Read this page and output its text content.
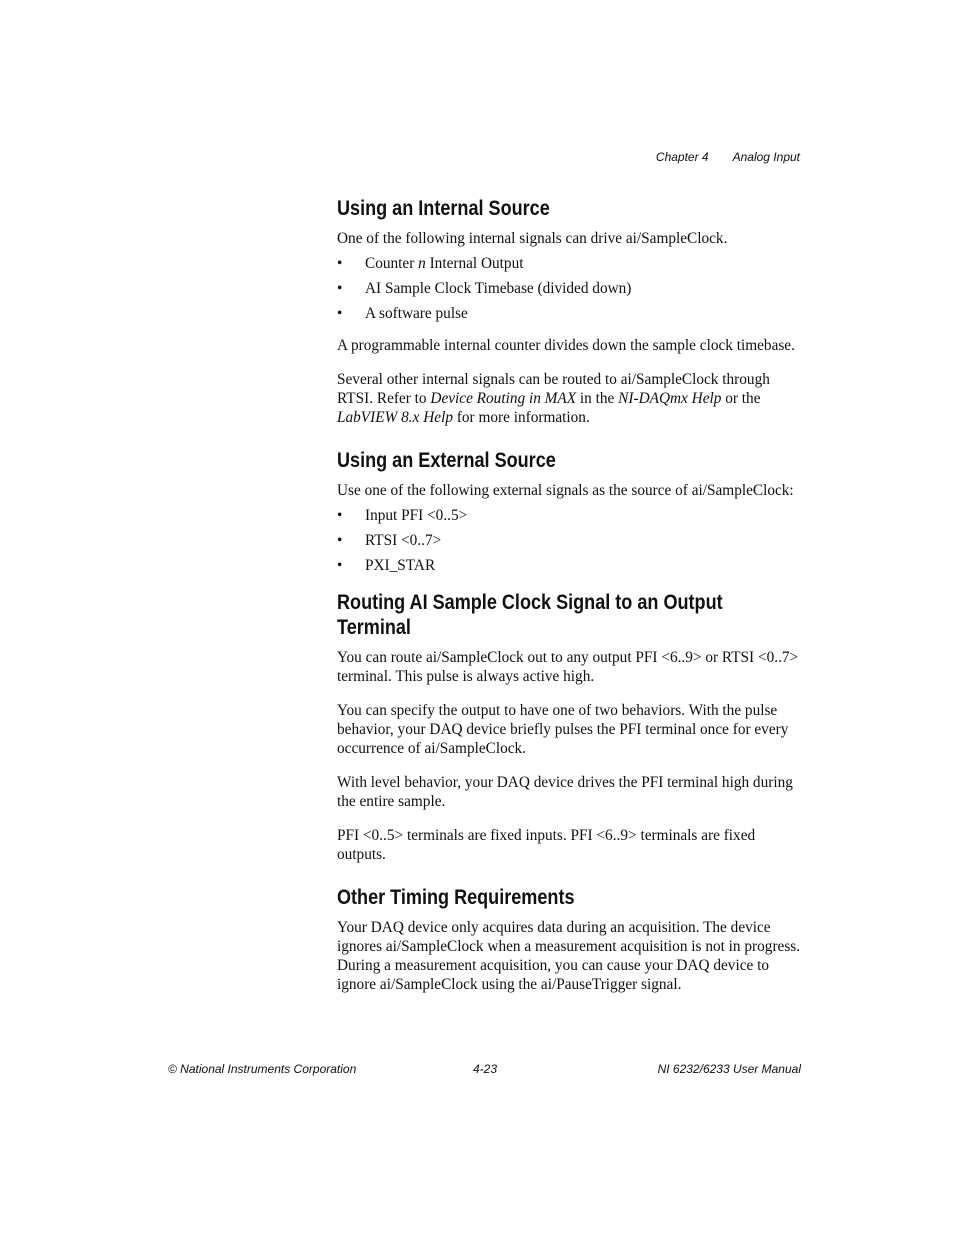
Chapter 4 Analog Input
Using an Internal Source

One of the following internal signals can drive ai/SampleClock.

• Counter n Internal Output
• AI Sample Clock Timebase (divided down)
• A software pulse

A programmable internal counter divides down the sample clock timebase.

Several other internal signals can be routed to ai/SampleClock through RTSI. Refer to Device Routing in MAX in the NI-DAQmx Help or the LabVIEW 8.x Help for more information.

Using an External Source

Use one of the following external signals as the source of ai/SampleClock:

• Input PFI <0..5>
• RTSI <0..7>
• PXI_STAR
Routing AI Sample Clock Signal to an Output Terminal

You can route ai/SampleClock out to any output PFI <6..9> or RTSI <0..7> terminal. This pulse is always active high.

You can specify the output to have one of two behaviors. With the pulse behavior, your DAQ device briefly pulses the PFI terminal once for every occurrence of ai/SampleClock.

With level behavior, your DAQ device drives the PFI terminal high during the entire sample.

PFI <0..5> terminals are fixed inputs. PFI <6..9> terminals are fixed outputs.

Other Timing Requirements

Your DAQ device only acquires data during an acquisition. The device ignores ai/SampleClock when a measurement acquisition is not in progress. During a measurement acquisition, you can cause your DAQ device to ignore ai/SampleClock using the ai/PauseTrigger signal.

© National Instruments Corporation	4-23	NI 6232/6233 User Manual
